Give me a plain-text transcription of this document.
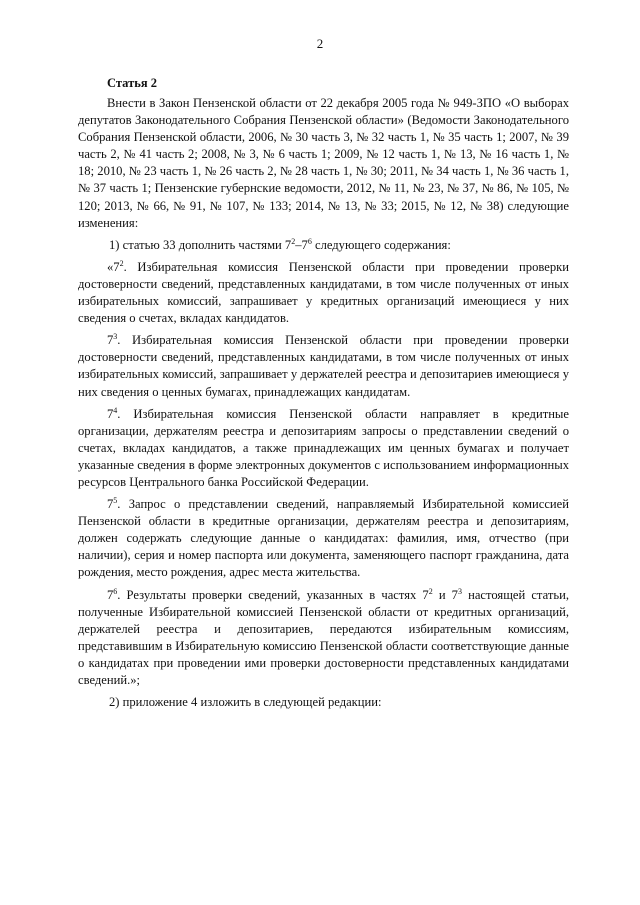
2
Статья 2

Внести в Закон Пензенской области от 22 декабря 2005 года № 949-ЗПО «О выборах депутатов Законодательного Собрания Пензенской области» (Ведомости Законодательного Собрания Пензенской области, 2006, № 30 часть 3, № 32 часть 1, № 35 часть 1; 2007, № 39 часть 2, № 41 часть 2; 2008, № 3, № 6 часть 1; 2009, № 12 часть 1, № 13, № 16 часть 1, № 18; 2010, № 23 часть 1, № 26 часть 2, № 28 часть 1, № 30; 2011, № 34 часть 1, № 36 часть 1, № 37 часть 1; Пензенские губернские ведомости, 2012, № 11, № 23, № 37, № 86, № 105, № 120; 2013, № 66, № 91, № 107, № 133; 2014, № 13, № 33; 2015, № 12, № 38) следующие изменения:

1) статью 33 дополнить частями $7^2-7^6$ следующего содержания:

«$7^2$. Избирательная комиссия Пензенской области при проведении проверки достоверности сведений, представленных кандидатами, в том числе полученных от иных избирательных комиссий, запрашивает у кредитных организаций имеющиеся у них сведения о счетах, вкладах кандидатов.

$7^3$. Избирательная комиссия Пензенской области при проведении проверки достоверности сведений, представленных кандидатами, в том числе полученных от иных избирательных комиссий, запрашивает у держателей реестра и депозитариев имеющиеся у них сведения о ценных бумагах, принадлежащих кандидатам.

$7^4$. Избирательная комиссия Пензенской области направляет в кредитные организации, держателям реестра и депозитариям запросы о представлении сведений о счетах, вкладах кандидатов, а также принадлежащих им ценных бумагах и получает указанные сведения в форме электронных документов с использованием информационных ресурсов Центрального банка Российской Федерации.

$7^5$. Запрос о представлении сведений, направляемый Избирательной комиссией Пензенской области в кредитные организации, держателям реестра и депозитариям, должен содержать следующие данные о кандидатах: фамилия, имя, отчество (при наличии), серия и номер паспорта или документа, заменяющего паспорт гражданина, дата рождения, место рождения, адрес места жительства.

$7^6$. Результаты проверки сведений, указанных в частях $7^2$ и $7^3$ настоящей статьи, полученные Избирательной комиссией Пензенской области от кредитных организаций, держателей реестра и депозитариев, передаются избирательным комиссиям, представившим в Избирательную комиссию Пензенской области соответствующие данные о кандидатах при проведении ими проверки достоверности представленных кандидатами сведений.»;

2) приложение 4 изложить в следующей редакции:
